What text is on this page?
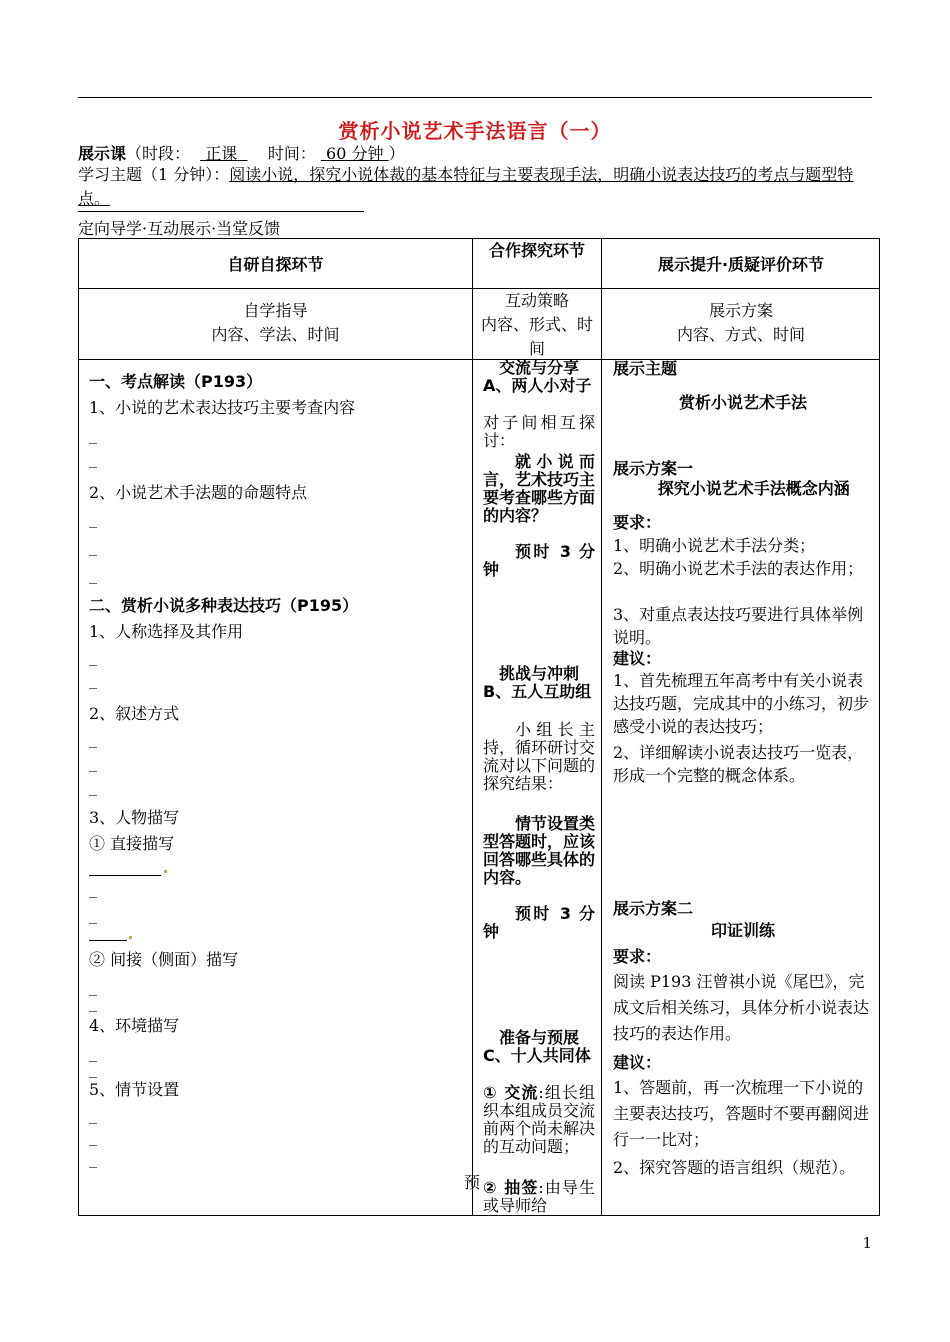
赏析小说艺术手法语言（一）
展示课（时段： 正课 时间： 60 分钟 ）
学习主题（1 分钟）：阅读小说，探究小说体裁的基本特征与主要表现手法，明确小说表达技巧的考点与题型特点。
定向导学·互动展示·当堂反馈
自研自探环节
合作探究环节
展示提升·质疑评价环节
自学指导
内容、学法、时间
互动策略
内容、形式、时
间
展示方案
内容、方式、时间
一、考点解读（P193）
1、小说的艺术表达技巧主要考查内容
_
_
2、小说艺术手法题的命题特点
_
_
_
二、赏析小说多种表达技巧（P195）
1、人称选择及其作用
_
_
2、叙述方式
_
_
_
3、人物描写
① 直接描写
_
_
② 间接（侧面）描写
_
_
4、环境描写
_
_
5、情节设置
_
_
_
交流与分享
A、两人小对子
对子间相互探讨：
就小说而言，艺术技巧主要考查哪些方面的内容？
预时 3 分钟
挑战与冲刺
B、五人互助组
小组长主持，循环研讨交流对以下问题的探究结果：
情节设置类型答题时，应该回答哪些具体的内容。
预时 3 分钟
准备与预展
C、十人共同体
① 交流:组长组织本组成员交流前两个尚未解决的互动问题；
② 抽签:由导生或导师给
展示主题
赏析小说艺术手法
展示方案一
探究小说艺术手法概念内涵
要求：
1、明确小说艺术手法分类；
2、明确小说艺术手法的表达作用；
3、对重点表达技巧要进行具体举例说明。
建议：
1、首先梳理五年高考中有关小说表达技巧题，完成其中的小练习，初步感受小说的表达技巧；
2、详细解读小说表达技巧一览表，形成一个完整的概念体系。
展示方案二
印证训练
要求：
阅读 P193 汪曾祺小说《尾巴》，完成文后相关练习，具体分析小说表达技巧的表达作用。
建议：
1、答题前，再一次梳理一下小说的主要表达技巧，答题时不要再翻阅进行一一比对；
2、探究答题的语言组织（规范）。
预
1
